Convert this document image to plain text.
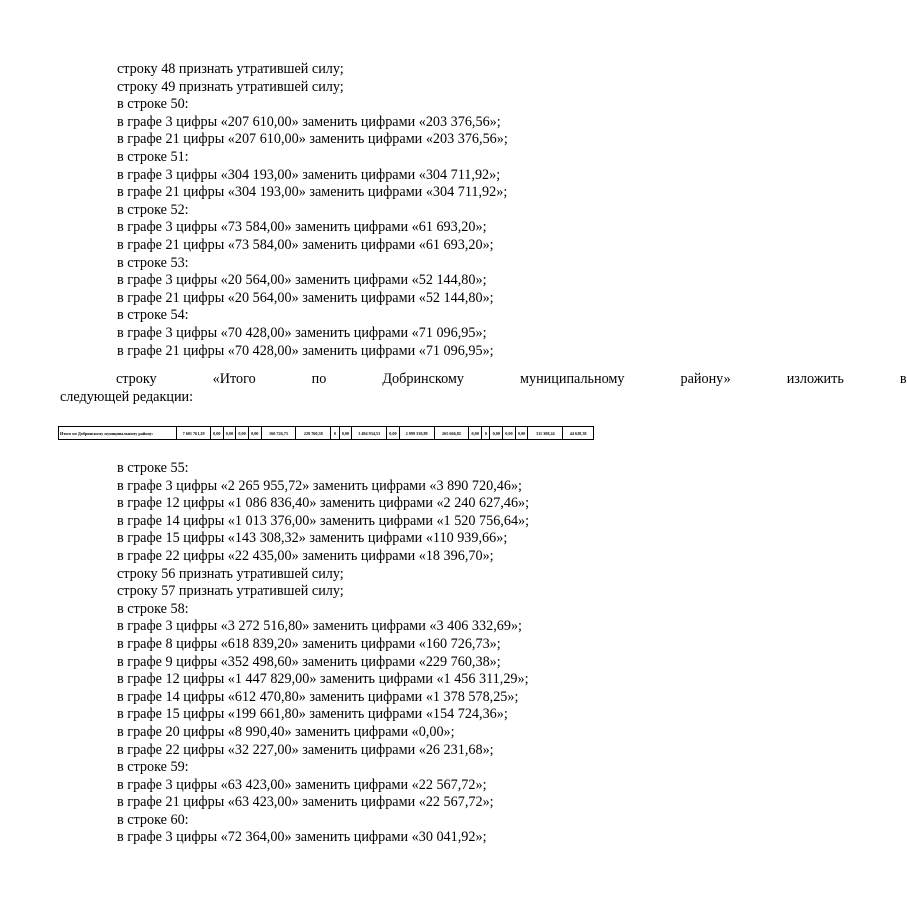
строку 48 признать утратившей силу;
строку 49 признать утратившей силу;
в строке 50:
в графе 3 цифры «207 610,00» заменить цифрами «203 376,56»;
в графе 21 цифры «207 610,00» заменить цифрами «203 376,56»;
в строке 51:
в графе 3 цифры «304 193,00» заменить цифрами «304 711,92»;
в графе 21 цифры «304 193,00» заменить цифрами «304 711,92»;
в строке 52:
в графе 3 цифры «73 584,00» заменить цифрами «61 693,20»;
в графе 21 цифры «73 584,00» заменить цифрами «61 693,20»;
в строке 53:
в графе 3 цифры «20 564,00» заменить цифрами «52 144,80»;
в графе 21 цифры «20 564,00» заменить цифрами «52 144,80»;
в строке 54:
в графе 3 цифры «70 428,00» заменить цифрами «71 096,95»;
в графе 21 цифры «70 428,00» заменить цифрами «71 096,95»;
строку	«Итого	по	Добринскому	муниципальному	району»	изложить	в
следующей редакции:
Итого по Добринскому муниципальному району:	7 601 761,29	0,00	0,00	0,00	0,00	160 726,73	229 760,38	0	0,00	3 494 934,53	0,00	2 099 330,89	265 666,82	0,00	0	0,00	0,00	0,00	311 308,24	44 628,38
в строке 55:
в графе 3 цифры «2 265 955,72» заменить цифрами «3 890 720,46»;
в графе 12 цифры «1 086 836,40» заменить цифрами «2 240 627,46»;
в графе 14 цифры «1 013 376,00» заменить цифрами «1 520 756,64»;
в графе 15 цифры «143 308,32» заменить цифрами «110 939,66»;
в графе 22 цифры «22 435,00» заменить цифрами «18 396,70»;
строку 56 признать утратившей силу;
строку 57 признать утратившей силу;
в строке 58:
в графе 3 цифры «3 272 516,80» заменить цифрами «3 406 332,69»;
в графе 8 цифры «618 839,20» заменить цифрами «160 726,73»;
в графе 9 цифры «352 498,60» заменить цифрами «229 760,38»;
в графе 12 цифры «1 447 829,00» заменить цифрами «1 456 311,29»;
в графе 14 цифры «612 470,80» заменить цифрами «1 378 578,25»;
в графе 15 цифры «199 661,80» заменить цифрами «154 724,36»;
в графе 20 цифры «8 990,40» заменить цифрами «0,00»;
в графе 22 цифры «32 227,00» заменить цифрами «26 231,68»;
в строке 59:
в графе 3 цифры «63 423,00» заменить цифрами «22 567,72»;
в графе 21 цифры «63 423,00» заменить цифрами «22 567,72»;
в строке 60:
в графе 3 цифры «72 364,00» заменить цифрами «30 041,92»;
